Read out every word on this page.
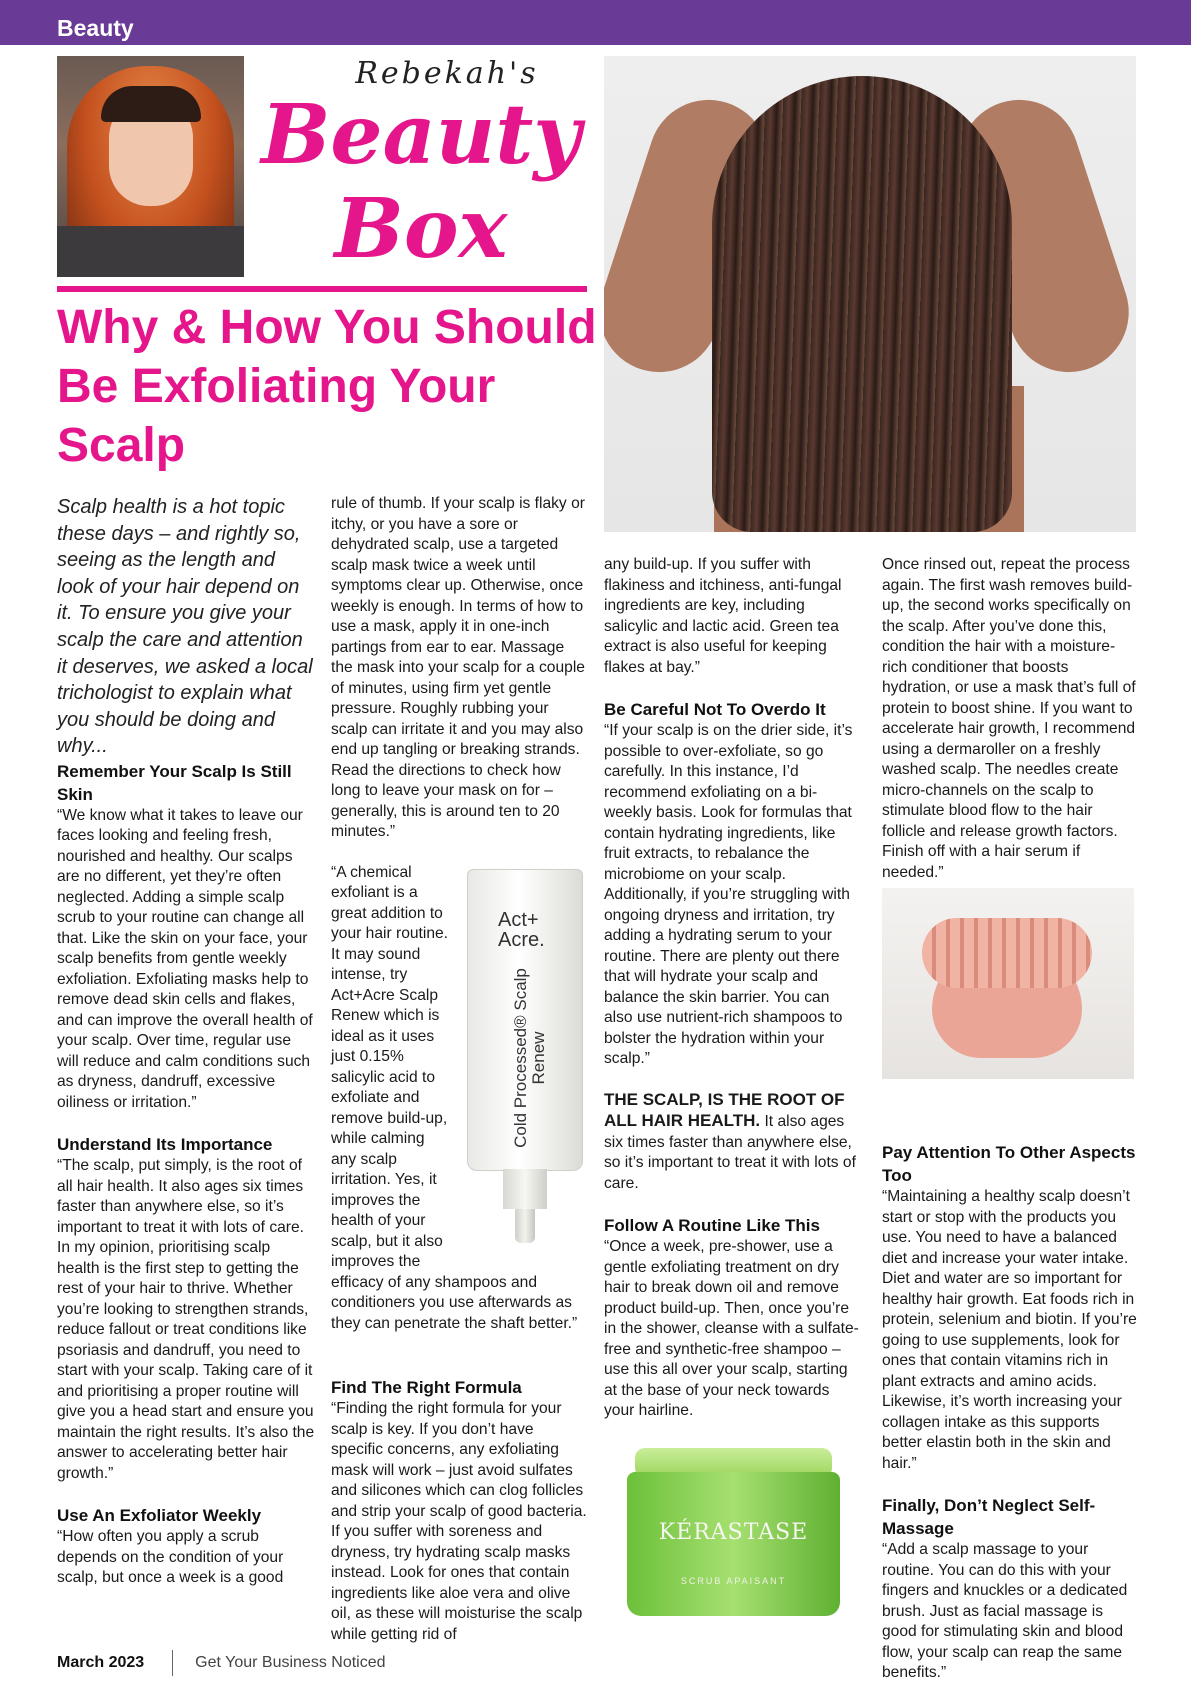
Beauty
Rebekah's
Beauty
Box
Why & How You Should Be Exfoliating Your Scalp

Scalp health is a hot topic these days – and rightly so, seeing as the length and look of your hair depend on it. To ensure you give your scalp the care and attention it deserves, we asked a local trichologist to explain what you should be doing and why...

Remember Your Scalp Is Still Skin

“We know what it takes to leave our faces looking and feeling fresh, nourished and healthy. Our scalps are no different, yet they’re often neglected. Adding a simple scalp scrub to your routine can change all that. Like the skin on your face, your scalp benefits from gentle weekly exfoliation. Exfoliating masks help to remove dead skin cells and flakes, and can improve the overall health of your scalp. Over time, regular use will reduce and calm conditions such as dryness, dandruff, excessive oiliness or irritation.”

Understand Its Importance

“The scalp, put simply, is the root of all hair health. It also ages six times faster than anywhere else, so it’s important to treat it with lots of care. In my opinion, prioritising scalp health is the first step to getting the rest of your hair to thrive. Whether you’re looking to strengthen strands, reduce fallout or treat conditions like psoriasis and dandruff, you need to start with your scalp. Taking care of it and prioritising a proper routine will give you a head start and ensure you maintain the right results. It’s also the answer to accelerating better hair growth.”

Use An Exfoliator Weekly

“How often you apply a scrub depends on the condition of your scalp, but once a week is a good

rule of thumb. If your scalp is flaky or itchy, or you have a sore or dehydrated scalp, use a targeted scalp mask twice a week until symptoms clear up. Otherwise, once weekly is enough. In terms of how to use a mask, apply it in one-inch partings from ear to ear. Massage the mask into your scalp for a couple of minutes, using firm yet gentle pressure. Roughly rubbing your scalp can irritate it and you may also end up tangling or breaking strands. Read the directions to check how long to leave your mask on for – generally, this is around ten to 20 minutes.”

Act+ Acre.
Cold Processed® Scalp Renew

“A chemical exfoliant is a great addition to your hair routine. It may sound intense, try Act+Acre Scalp Renew which is ideal as it uses just 0.15% salicylic acid to exfoliate and remove build-up, while calming any scalp irritation. Yes, it improves the health of your scalp, but it also improves the efficacy of any shampoos and conditioners you use afterwards as they can penetrate the shaft better.”

Find The Right Formula

“Finding the right formula for your scalp is key. If you don’t have specific concerns, any exfoliating mask will work – just avoid sulfates and silicones which can clog follicles and strip your scalp of good bacteria. If you suffer with soreness and dryness, try hydrating scalp masks instead. Look for ones that contain ingredients like aloe vera and olive oil, as these will moisturise the scalp while getting rid of

any build-up. If you suffer with flakiness and itchiness, anti-fungal ingredients are key, including salicylic and lactic acid. Green tea extract is also useful for keeping flakes at bay.”

Be Careful Not To Overdo It

“If your scalp is on the drier side, it’s possible to over-exfoliate, so go carefully. In this instance, I’d recommend exfoliating on a bi-weekly basis. Look for formulas that contain hydrating ingredients, like fruit extracts, to rebalance the microbiome on your scalp. Additionally, if you’re struggling with ongoing dryness and irritation, try adding a hydrating serum to your routine. There are plenty out there that will hydrate your scalp and balance the skin barrier. You can also use nutrient-rich shampoos to bolster the hydration within your scalp.”

THE SCALP, IS THE ROOT OF ALL HAIR HEALTH. It also ages six times faster than anywhere else, so it’s important to treat it with lots of care.

Follow A Routine Like This

“Once a week, pre-shower, use a gentle exfoliating treatment on dry hair to break down oil and remove product build-up. Then, once you’re in the shower, cleanse with a sulfate-free and synthetic-free shampoo – use this all over your scalp, starting at the base of your neck towards your hairline.

KÉRASTASE
SCRUB APAISANT

Once rinsed out, repeat the process again. The first wash removes build-up, the second works specifically on the scalp. After you’ve done this, condition the hair with a moisture-rich conditioner that boosts hydration, or use a mask that’s full of protein to boost shine. If you want to accelerate hair growth, I recommend using a dermaroller on a freshly washed scalp. The needles create micro-channels on the scalp to stimulate blood flow to the hair follicle and release growth factors. Finish off with a hair serum if needed.”

Pay Attention To Other Aspects Too

“Maintaining a healthy scalp doesn’t start or stop with the products you use. You need to have a balanced diet and increase your water intake. Diet and water are so important for healthy hair growth. Eat foods rich in protein, selenium and biotin. If you’re going to use supplements, look for ones that contain vitamins rich in plant extracts and amino acids. Likewise, it’s worth increasing your collagen intake as this supports better elastin both in the skin and hair.”

Finally, Don’t Neglect Self-Massage

“Add a scalp massage to your routine. You can do this with your fingers and knuckles or a dedicated brush. Just as facial massage is good for stimulating skin and blood flow, your scalp can reap the same benefits.”

March 2023	Get Your Business Noticed
